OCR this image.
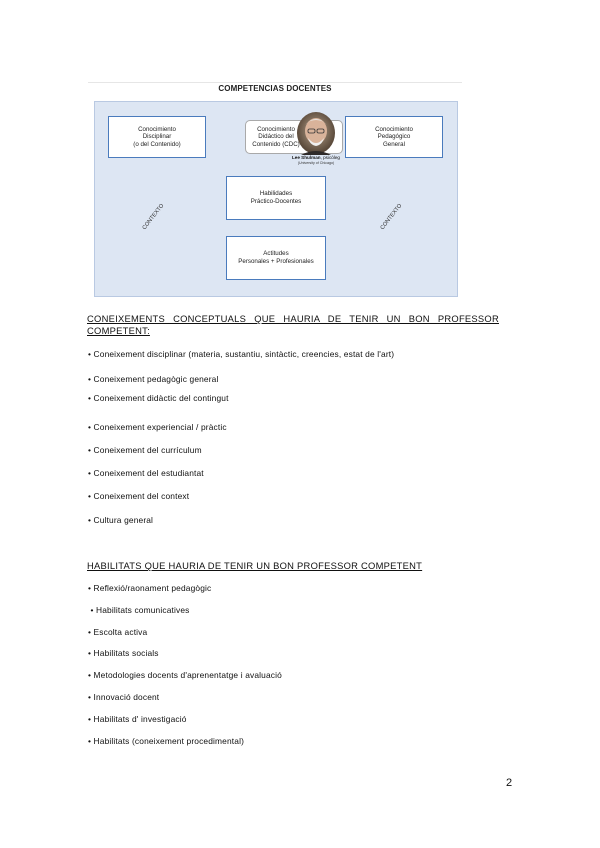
COMPETENCIAS DOCENTES
Conocimiento
Disciplinar
(o del Contenido)
Conocimiento
Didáctico del
Contenido (CDC)
Lee Shulman, psicòleg
(University of Chicago)
Conocimiento
Pedagógico
General
Habilidades
Práctico-Docentes
Actitudes
Personales + Profesionales
CONTEXTO	CONTEXTO
CONEIXEMENTS CONCEPTUALS QUE HAURIA DE TENIR UN BON PROFESSOR COMPETENT:
• Coneixement disciplinar (materia, sustantiu, sintàctic, creencies, estat de l'art)
• Coneixement pedagògic general
• Coneixement didàctic del contingut
• Coneixement experiencial / pràctic
• Coneixement del currículum
• Coneixement del estudiantat
• Coneixement del context
• Cultura general
HABILITATS QUE HAURIA DE TENIR UN BON PROFESSOR COMPETENT
• Reflexió/raonament pedagògic
• Habilitats comunicatives
• Escolta activa
• Habilitats socials
• Metodologies docents d'aprenentatge i avaluació
• Innovació docent
• Habilitats d' investigació
• Habilitats (coneixement procedimental)
2
